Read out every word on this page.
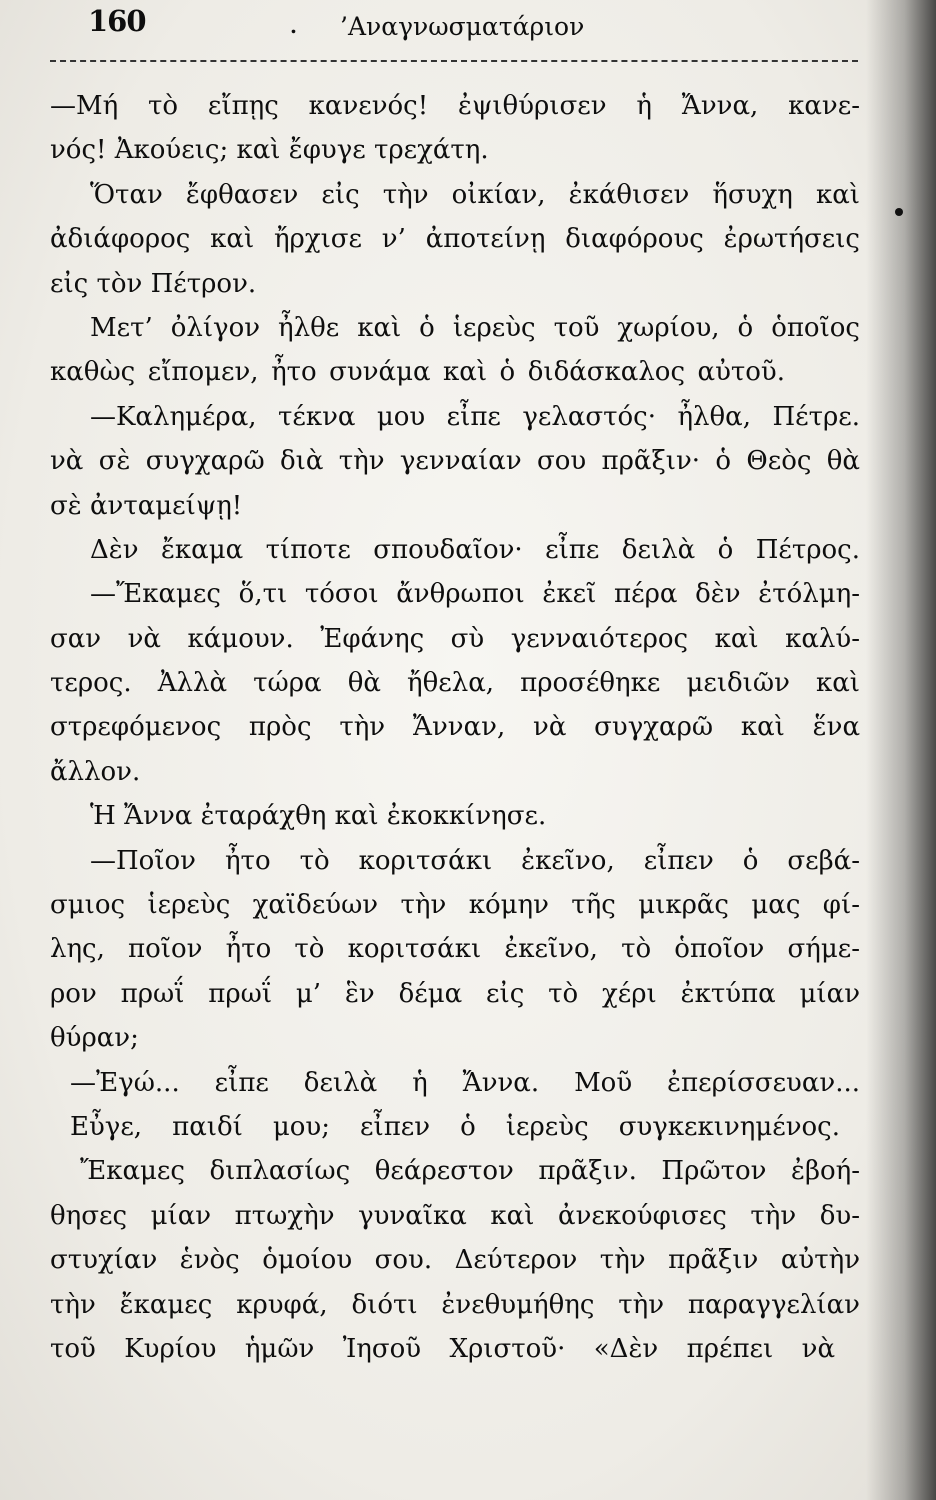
160	. ’Αναγνωσματάριον
—Μή τὸ εἴπῃς κανενός! ἐψιθύρισεν ἡ Ἄννα, κανε-
νός! Ἀκούεις; καὶ ἔφυγε τρεχάτη.
Ὅταν ἔφθασεν εἰς τὴν οἰκίαν, ἐκάθισεν ἥσυχη καὶ
ἀδιάφορος καὶ ἤρχισε ν’ ἀποτείνῃ διαφόρους ἐρωτήσεις
εἰς τὸν Πέτρον.
Μετ’ ὀλίγον ἦλθε καὶ ὁ ἱερεὺς τοῦ χωρίου, ὁ ὁποῖος
καθὼς εἴπομεν, ἦτο συνάμα καὶ ὁ διδάσκαλος αὐτοῦ.
—Καλημέρα, τέκνα μου εἶπε γελαστός· ἦλθα, Πέτρε.
νὰ σὲ συγχαρῶ διὰ τὴν γενναίαν σου πρᾶξιν· ὁ Θεὸς θὰ
σὲ ἀνταμείψῃ!
Δὲν ἔκαμα τίποτε σπουδαῖον· εἶπε δειλὰ ὁ Πέτρος.
—Ἔκαμες ὅ,τι τόσοι ἄνθρωποι ἐκεῖ πέρα δὲν ἐτόλμη-
σαν νὰ κάμουν. Ἐφάνης σὺ γενναιότερος καὶ καλύ-
τερος. Ἀλλὰ τώρα θὰ ἤθελα, προσέθηκε μειδιῶν καὶ
στρεφόμενος πρὸς τὴν Ἄνναν, νὰ συγχαρῶ καὶ ἕνα
ἄλλον.
Ἡ Ἄννα ἐταράχθη καὶ ἐκοκκίνησε.
—Ποῖον ἦτο τὸ κοριτσάκι ἐκεῖνο, εἶπεν ὁ σεβά-
σμιος ἱερεὺς χαϊδεύων τὴν κόμην τῆς μικρᾶς μας φί-
λης, ποῖον ἦτο τὸ κοριτσάκι ἐκεῖνο, τὸ ὁποῖον σήμε-
ρον πρωΐ πρωΐ μ’ ἓν δέμα εἰς τὸ χέρι ἐκτύπα μίαν
θύραν;
—Ἐγώ... εἶπε δειλὰ ἡ Ἄννα. Μοῦ ἐπερίσσευαν...
Εὖγε, παιδί μου; εἶπεν ὁ ἱερεὺς συγκεκινημένος.
Ἔκαμες διπλασίως θεάρεστον πρᾶξιν. Πρῶτον ἐβοή-
θησες μίαν πτωχὴν γυναῖκα καὶ ἀνεκούφισες τὴν δυ-
στυχίαν ἑνὸς ὁμοίου σου. Δεύτερον τὴν πρᾶξιν αὐτὴν
τὴν ἔκαμες κρυφά, διότι ἐνεθυμήθης τὴν παραγγελίαν
τοῦ Κυρίου ἡμῶν Ἰησοῦ Χριστοῦ· «Δὲν πρέπει νὰ
